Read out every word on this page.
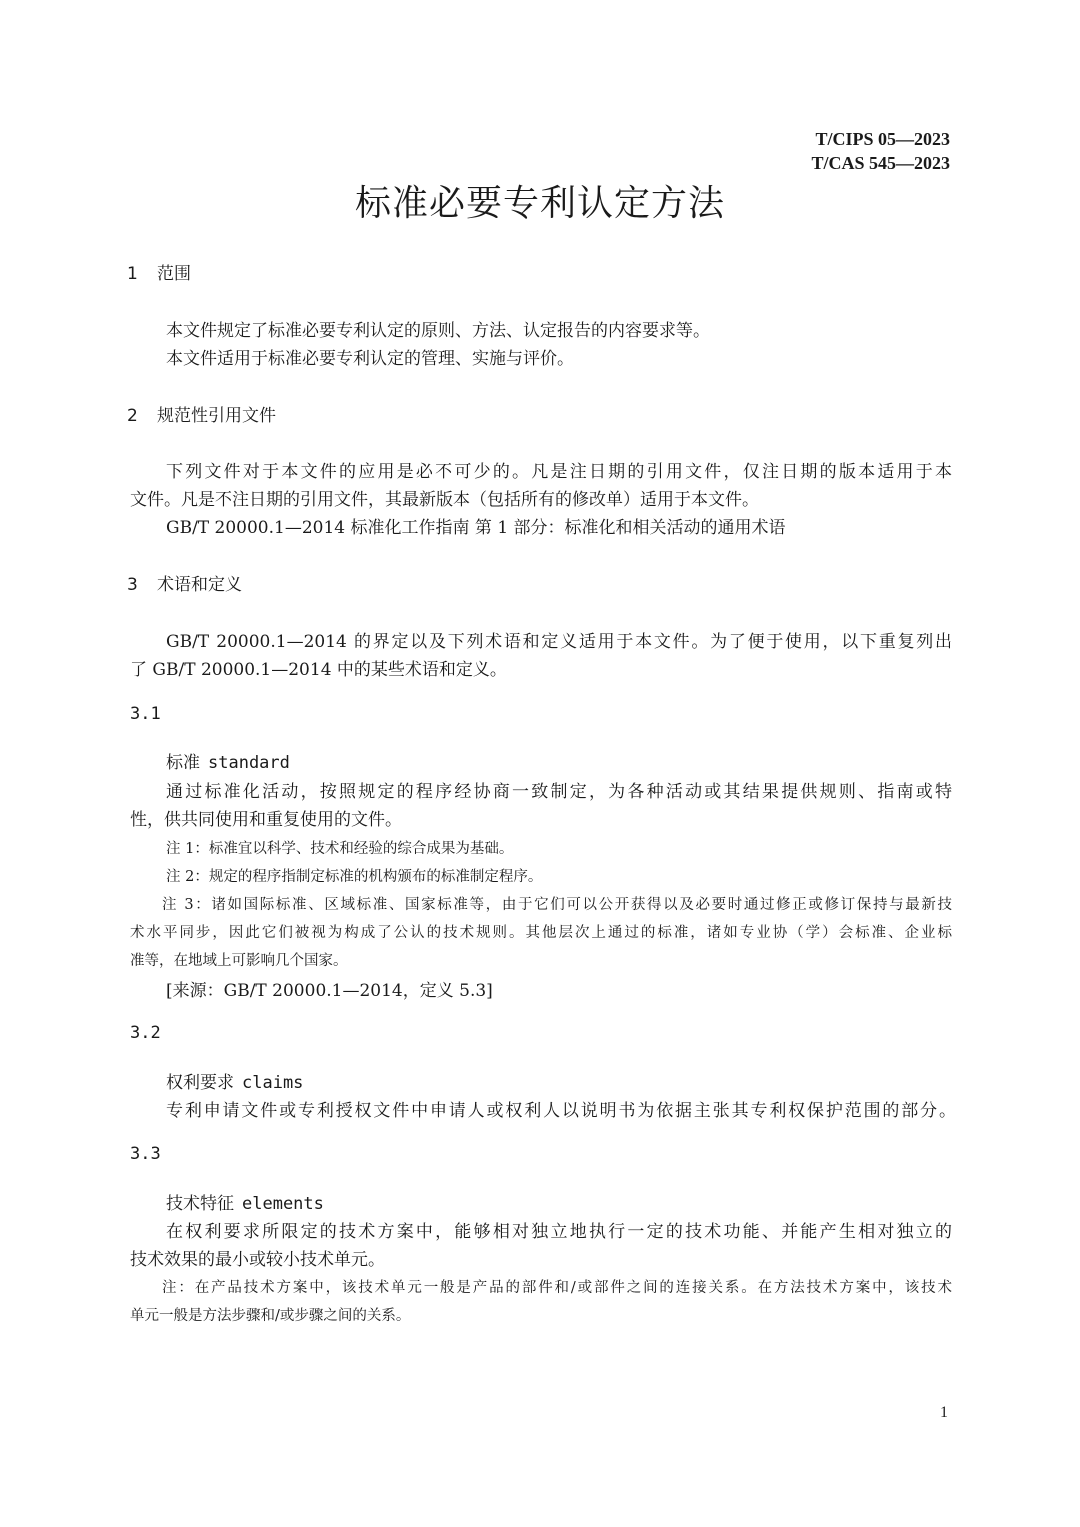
T/CIPS 05—2023
T/CAS 545—2023
标准必要专利认定方法
1 范围
本文件规定了标准必要专利认定的原则、方法、认定报告的内容要求等。
本文件适用于标准必要专利认定的管理、实施与评价。
2 规范性引用文件
下列文件对于本文件的应用是必不可少的。凡是注日期的引用文件，仅注日期的版本适用于本
文件。凡是不注日期的引用文件，其最新版本（包括所有的修改单）适用于本文件。
GB/T 20000.1—2014 标准化工作指南 第 1 部分：标准化和相关活动的通用术语
3 术语和定义
GB/T 20000.1—2014 的界定以及下列术语和定义适用于本文件。为了便于使用，以下重复列出
了 GB/T 20000.1—2014 中的某些术语和定义。
3.1
标准 standard
通过标准化活动，按照规定的程序经协商一致制定，为各种活动或其结果提供规则、指南或特
性，供共同使用和重复使用的文件。
注 1：标准宜以科学、技术和经验的综合成果为基础。
注 2：规定的程序指制定标准的机构颁布的标准制定程序。
注 3：诸如国际标准、区域标准、国家标准等，由于它们可以公开获得以及必要时通过修正或修订保持与最新技
术水平同步，因此它们被视为构成了公认的技术规则。其他层次上通过的标准，诸如专业协（学）会标准、企业标
准等，在地域上可影响几个国家。
[来源：GB/T 20000.1—2014，定义 5.3]
3.2
权利要求 claims
专利申请文件或专利授权文件中申请人或权利人以说明书为依据主张其专利权保护范围的部分。
3.3
技术特征 elements
在权利要求所限定的技术方案中，能够相对独立地执行一定的技术功能、并能产生相对独立的
技术效果的最小或较小技术单元。
注：在产品技术方案中，该技术单元一般是产品的部件和/或部件之间的连接关系。在方法技术方案中，该技术
单元一般是方法步骤和/或步骤之间的关系。
1
